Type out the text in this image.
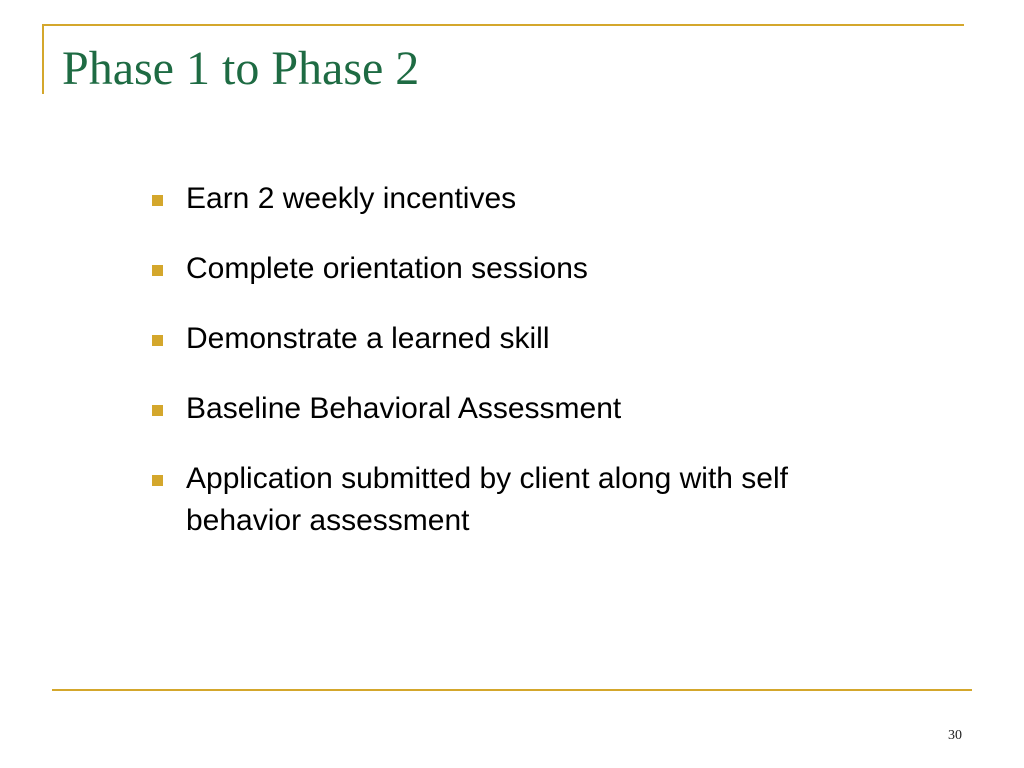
Phase 1 to Phase 2
Earn 2 weekly incentives
Complete orientation sessions
Demonstrate a learned skill
Baseline Behavioral Assessment
Application submitted by client along with self behavior assessment
30
